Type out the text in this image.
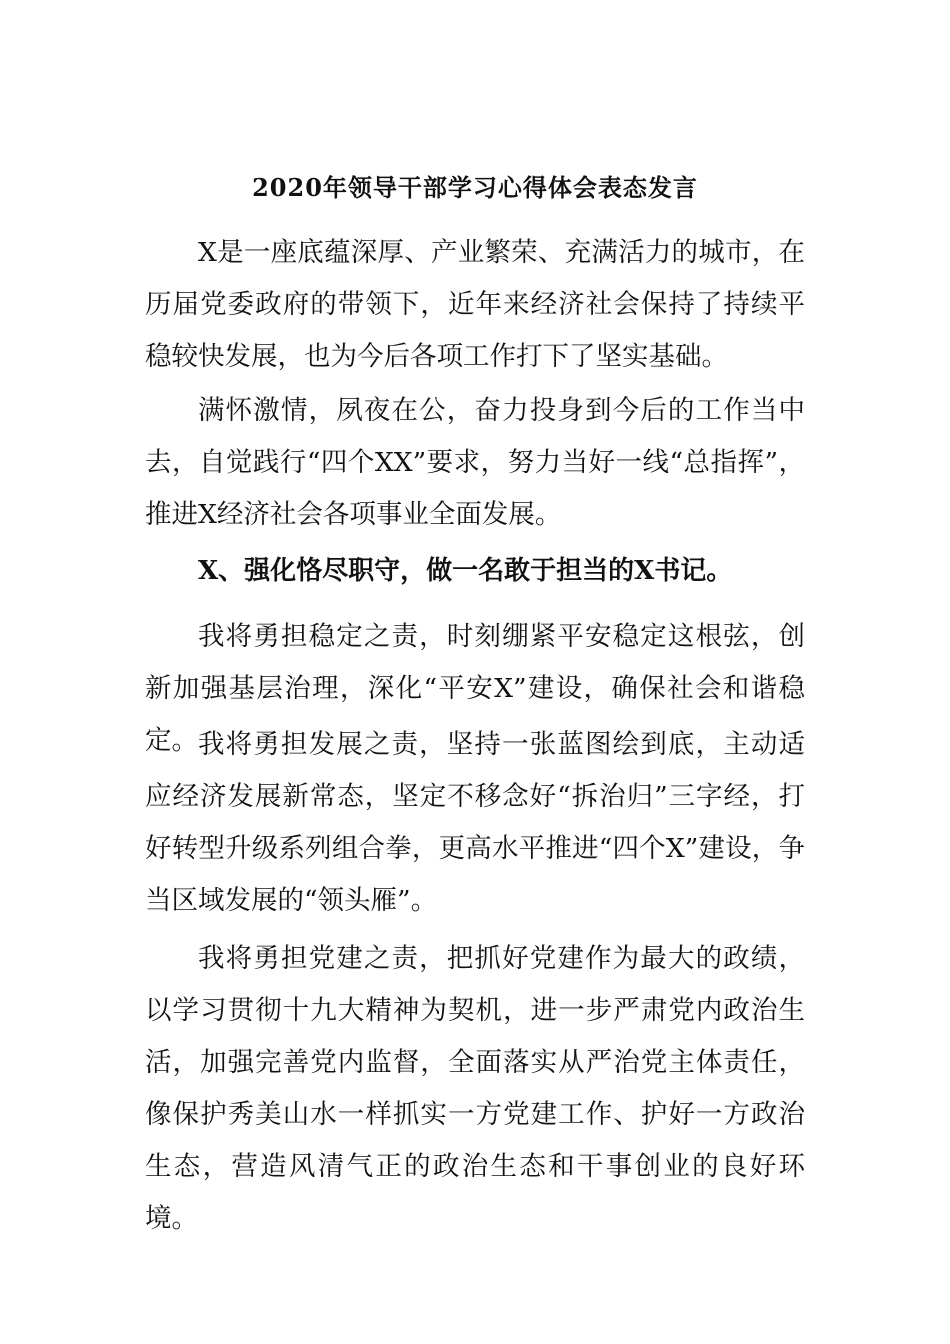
2020年领导干部学习心得体会表态发言

X是一座底蕴深厚、产业繁荣、充满活力的城市，在历届党委政府的带领下，近年来经济社会保持了持续平稳较快发展，也为今后各项工作打下了坚实基础。

满怀激情，夙夜在公，奋力投身到今后的工作当中去，自觉践行“四个XX”要求，努力当好一线“总指挥”，推进X经济社会各项事业全面发展。

X、强化恪尽职守，做一名敢于担当的X书记。

我将勇担稳定之责，时刻绷紧平安稳定这根弦，创新加强基层治理，深化“平安X”建设，确保社会和谐稳定。 我将勇担发展之责，坚持一张蓝图绘到底，主动适应经济发展新常态，坚定不移念好“拆治归”三字经，打好转型升级系列组合拳，更高水平推进“四个X”建设，争当区域发展的“领头雁”。

我将勇担党建之责，把抓好党建作为最大的政绩，以学习贯彻十九大精神为契机，进一步严肃党内政治生活，加强完善党内监督，全面落实从严治党主体责任，像保护秀美山水一样抓实一方党建工作、护好一方政治生态，营造风清气正的政治生态和干事创业的良好环境。
